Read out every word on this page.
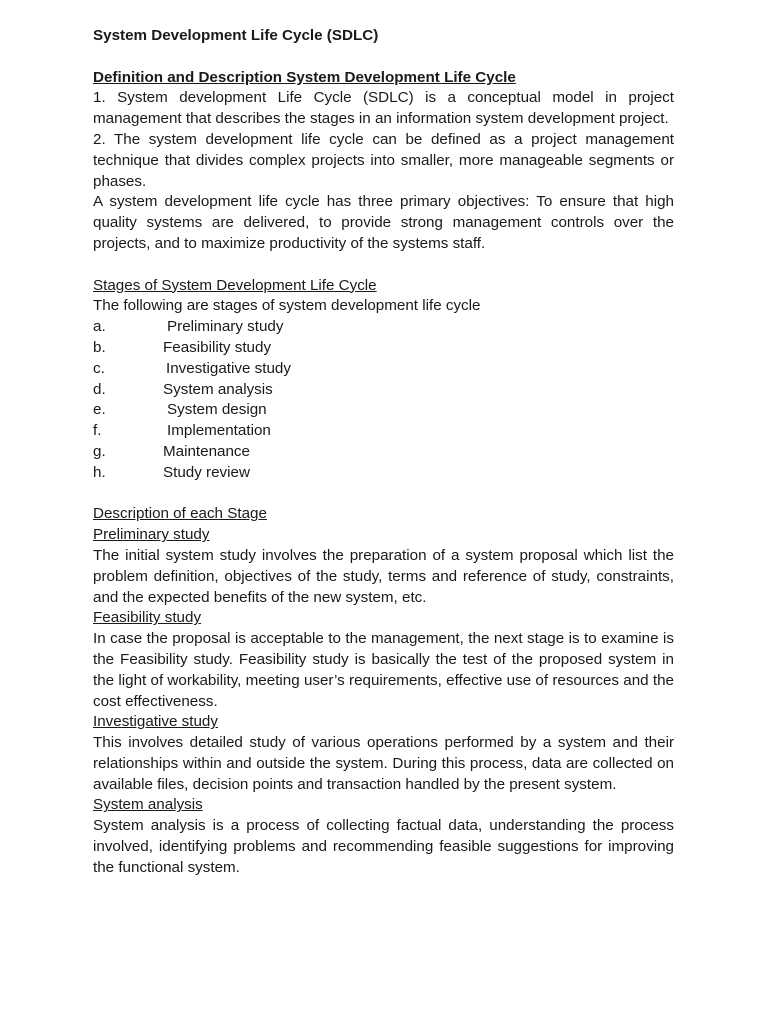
System Development Life Cycle (SDLC)

Definition and Description System Development Life Cycle

1. System development Life Cycle (SDLC) is a conceptual model in project management that describes the stages in an information system development project.

2. The system development life cycle can be defined as a project management technique that divides complex projects into smaller, more manageable segments or phases.

A system development life cycle has three primary objectives: To ensure that high quality systems are delivered, to provide strong management controls over the projects, and to maximize productivity of the systems staff.

Stages of System Development Life Cycle

The following are stages of system development life cycle

a.	Preliminary study
b.	Feasibility study
c.	Investigative study
d.	System analysis
e.	System design
f.	Implementation
g.	Maintenance
h.	Study review

Description of each Stage

Preliminary study

The initial system study involves the preparation of a system proposal which list the problem definition, objectives of the study, terms and reference of study, constraints, and the expected benefits of the new system, etc.

Feasibility study

In case the proposal is acceptable to the management, the next stage is to examine is the Feasibility study. Feasibility study is basically the test of the proposed system in the light of workability, meeting user’s requirements, effective use of resources and the cost effectiveness.

Investigative study

This involves detailed study of various operations performed by a system and their relationships within and outside the system. During this process, data are collected on available files, decision points and transaction handled by the present system.

System analysis

System analysis is a process of collecting factual data, understanding the process involved, identifying problems and recommending feasible suggestions for improving the functional system.
